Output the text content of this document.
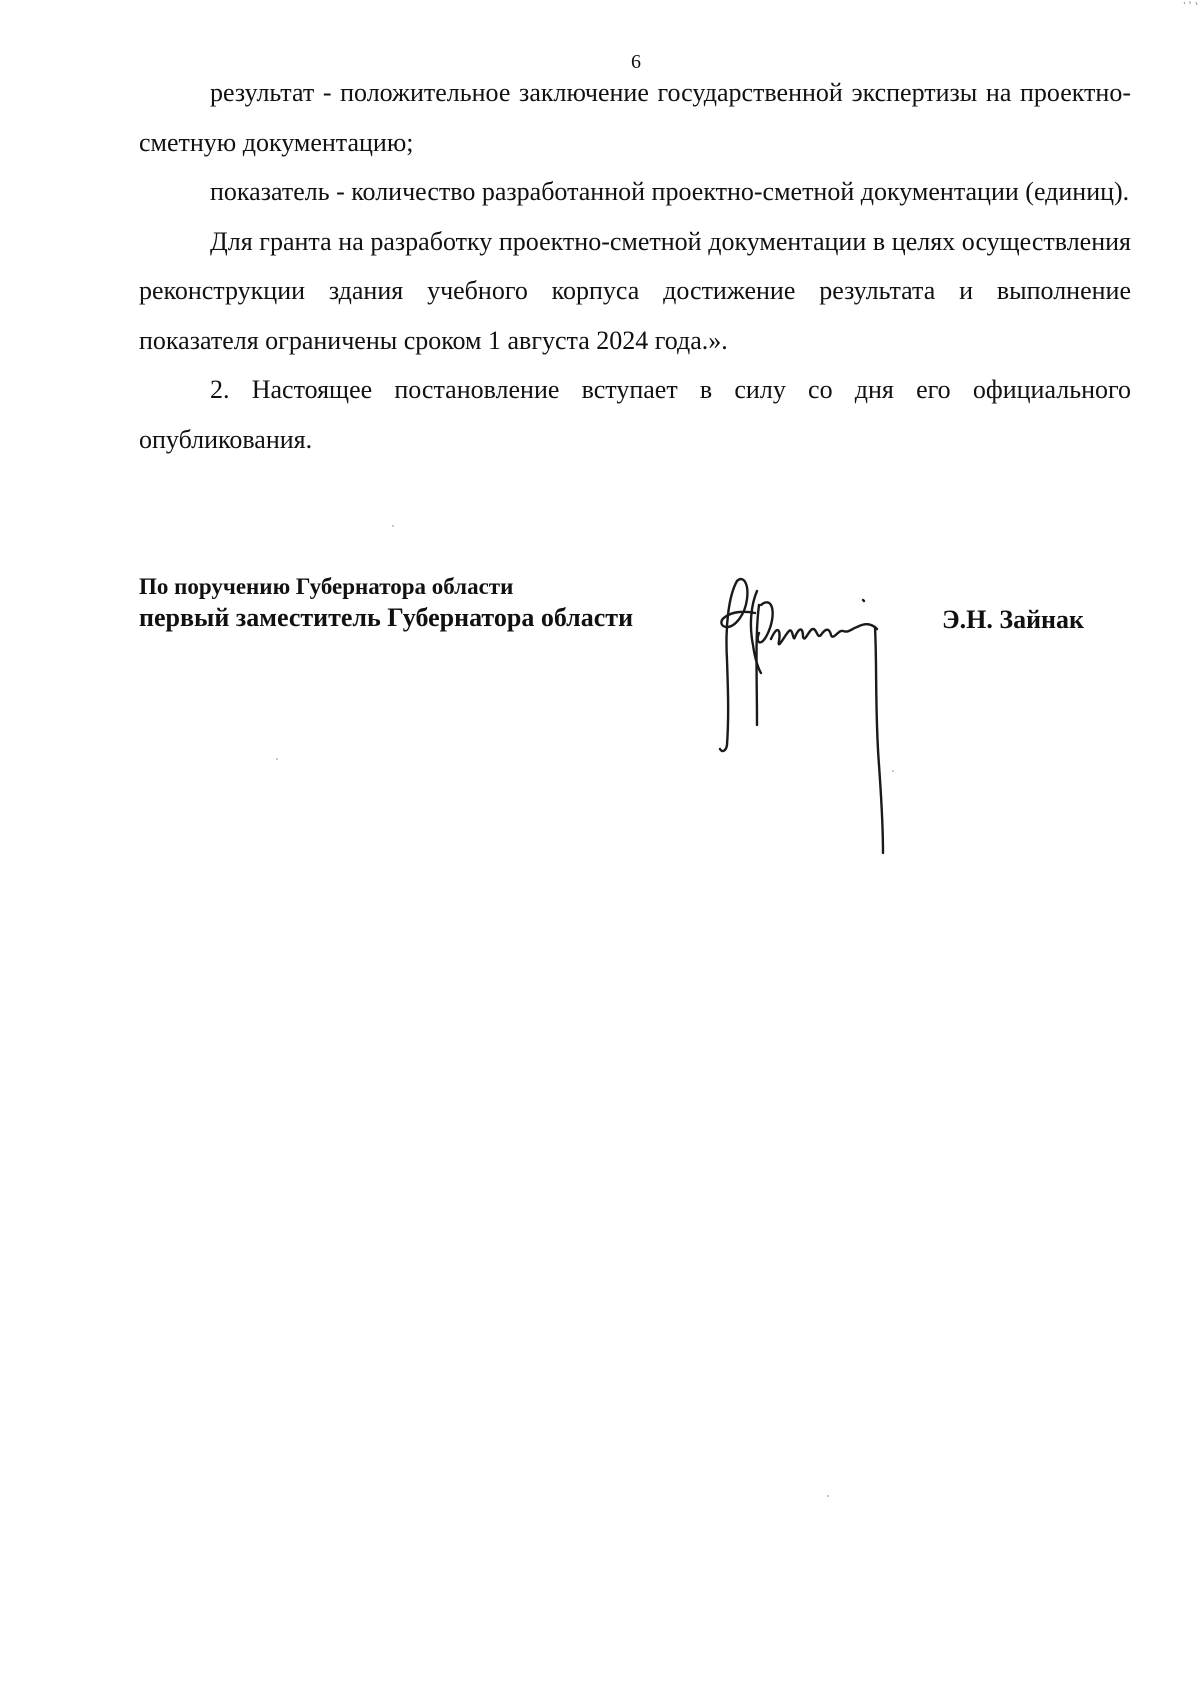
6

результат - положительное заключение государственной экспертизы на проектно-сметную документацию;

показатель - количество разработанной проектно-сметной документации (единиц).

Для гранта на разработку проектно-сметной документации в целях осуществления реконструкции здания учебного корпуса достижение результата и выполнение показателя ограничены сроком 1 августа 2024 года.».

2. Настоящее постановление вступает в силу со дня его официального опубликования.

По поручению Губернатора области
первый заместитель Губернатора области	Э.Н. Зайнак
